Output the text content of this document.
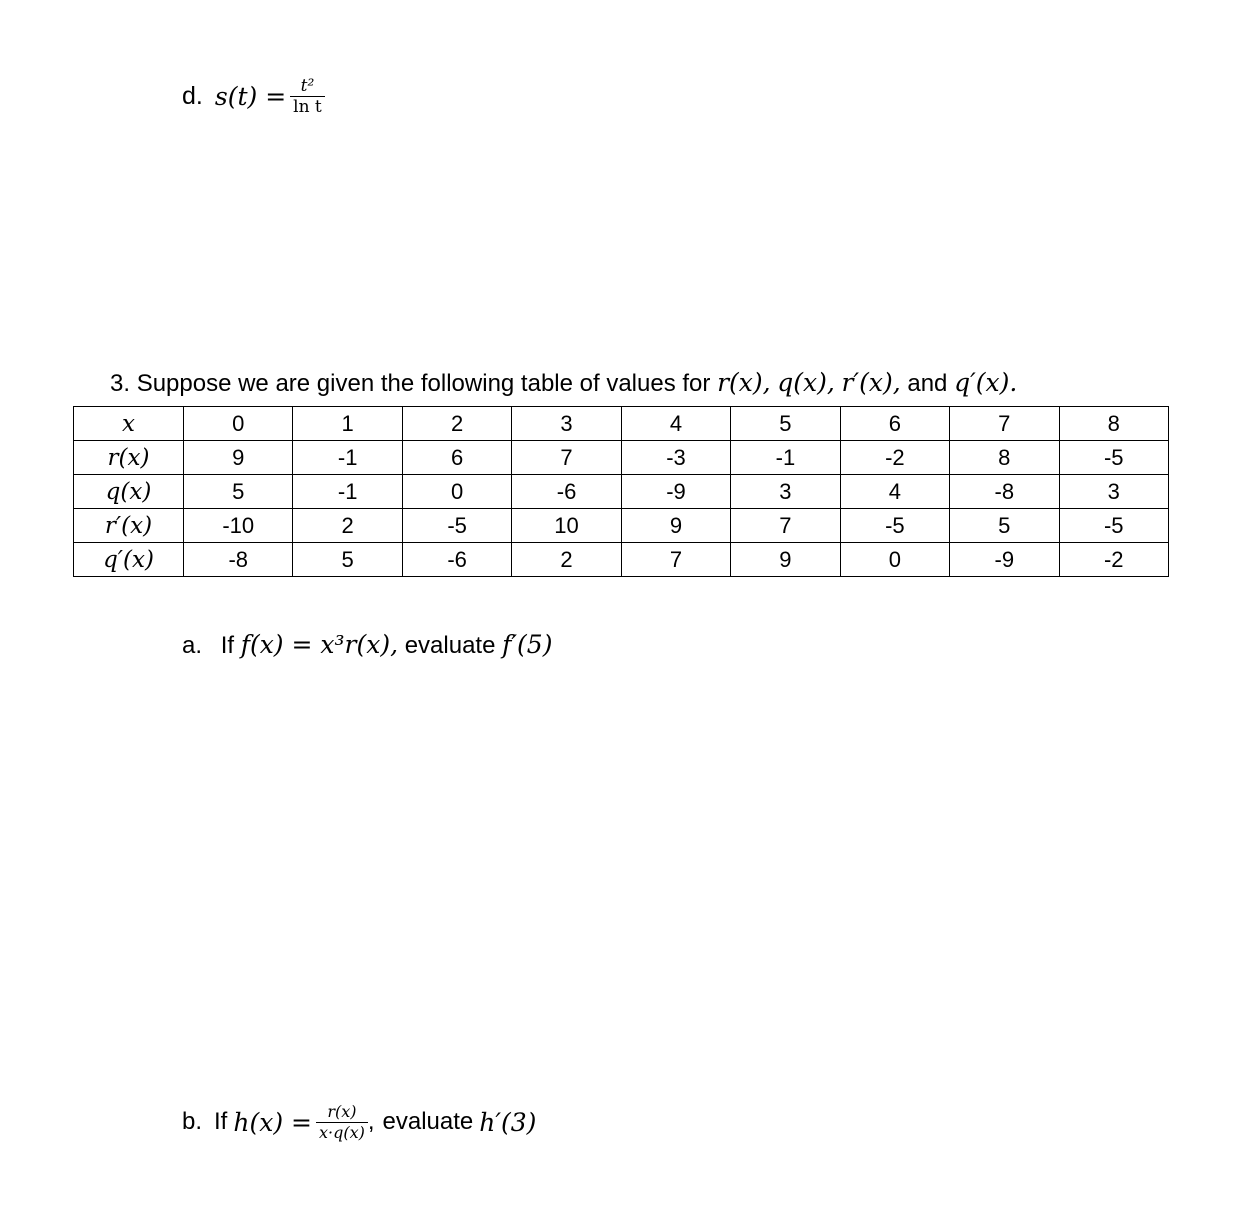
d. $s(t) = \frac{\text{t²}}{\text{ln t}}$
3. Suppose we are given the following table of values for r(x), q(x), r′(x), and q′(x).
x	0	1	2	3	4	5	6	7	8
r(x)	9	-1	6	7	-3	-1	-2	8	-5
q(x)	5	-1	0	-6	-9	3	4	-8	3
r′(x)	-10	2	-5	10	9	7	-5	5	-5
q′(x)	-8	5	-6	2	7	9	0	-9	-2
a. If f(x) = x³r(x), evaluate f′(5)
b. If $h(x) = \frac{r(x)}{x\cdot q(x)}$ , evaluate h′(3)
